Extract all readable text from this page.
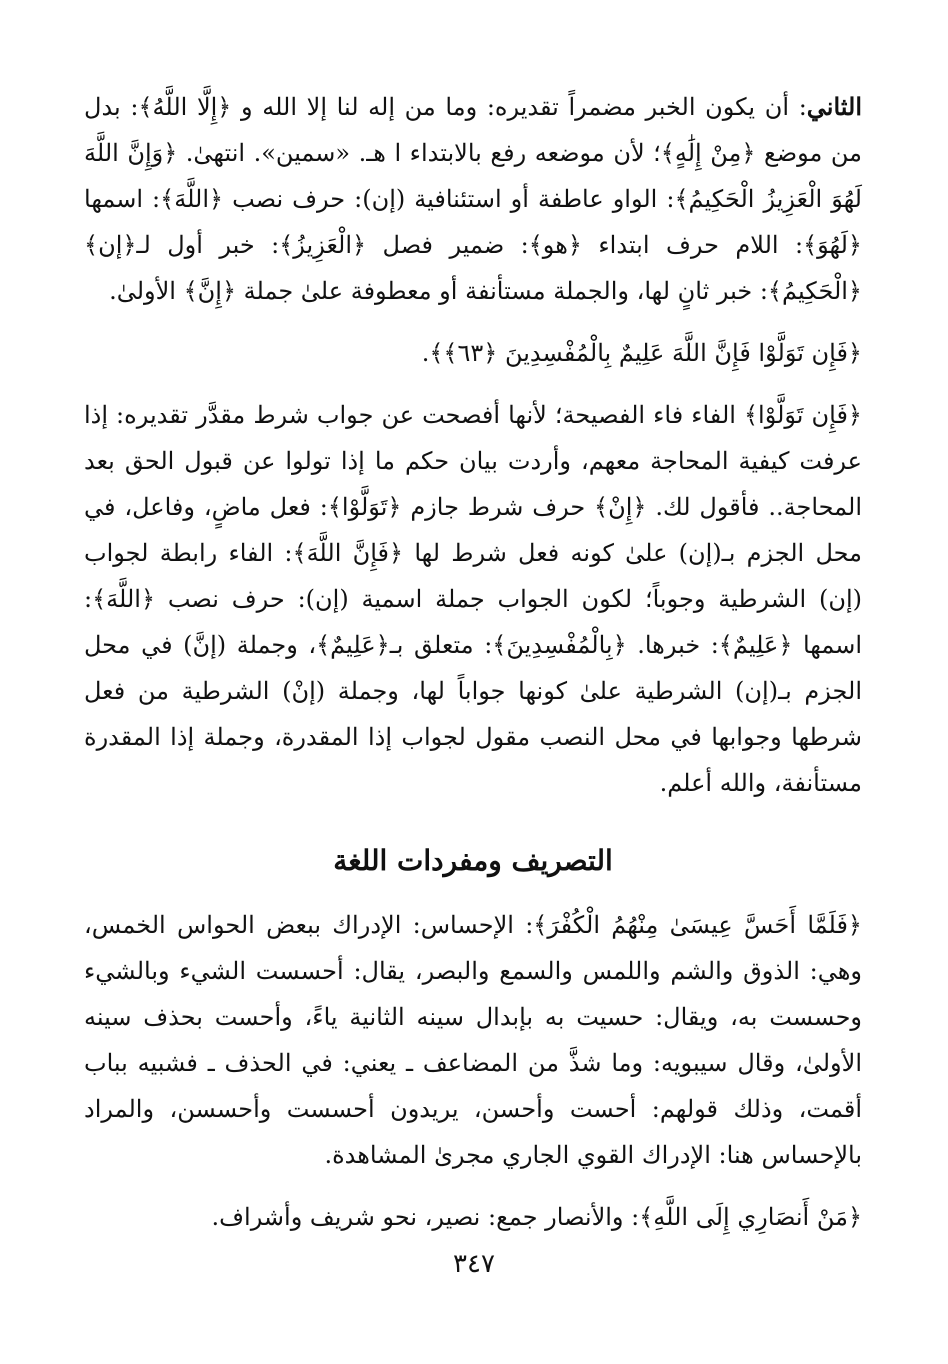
الثاني: أن يكون الخبر مضمراً تقديره: وما من إله لنا إلا الله و ﴿إِلَّا اللَّهُ﴾: بدل من موضع ﴿مِنْ إِلَٰهٍ﴾؛ لأن موضعه رفع بالابتداء ا هـ. «سمين». انتهىٰ. ﴿وَإِنَّ اللَّهَ لَهُوَ الْعَزِيزُ الْحَكِيمُ﴾: الواو عاطفة أو استئنافية (إن): حرف نصب ﴿اللَّهَ﴾: اسمها ﴿لَهُوَ﴾: اللام حرف ابتداء ﴿هو﴾: ضمير فصل ﴿الْعَزِيزُ﴾: خبر أول لـ﴿إن﴾ ﴿الْحَكِيمُ﴾: خبر ثانٍ لها، والجملة مستأنفة أو معطوفة علىٰ جملة ﴿إِنَّ﴾ الأولىٰ.

﴿فَإِن تَوَلَّوْا فَإِنَّ اللَّهَ عَلِيمٌ بِالْمُفْسِدِينَ ﴿٦٣﴾﴾.

﴿فَإِن تَوَلَّوْا﴾ الفاء فاء الفصيحة؛ لأنها أفصحت عن جواب شرط مقدَّر تقديره: إذا عرفت كيفية المحاجة معهم، وأردت بيان حكم ما إذا تولوا عن قبول الحق بعد المحاجة.. فأقول لك. ﴿إِنْ﴾ حرف شرط جازم ﴿تَوَلَّوْا﴾: فعل ماضٍ، وفاعل، في محل الجزم بـ(إن) علىٰ كونه فعل شرط لها ﴿فَإِنَّ اللَّهَ﴾: الفاء رابطة لجواب (إن) الشرطية وجوباً؛ لكون الجواب جملة اسمية (إن): حرف نصب ﴿اللَّهَ﴾: اسمها ﴿عَلِيمٌ﴾: خبرها. ﴿بِالْمُفْسِدِينَ﴾: متعلق بـ﴿عَلِيمٌ﴾، وجملة (إنَّ) في محل الجزم بـ(إن) الشرطية علىٰ كونها جواباً لها، وجملة (إنْ) الشرطية من فعل شرطها وجوابها في محل النصب مقول لجواب إذا المقدرة، وجملة إذا المقدرة مستأنفة، والله أعلم.

التصريف ومفردات اللغة

﴿فَلَمَّا أَحَسَّ عِيسَىٰ مِنْهُمُ الْكُفْرَ﴾: الإحساس: الإدراك ببعض الحواس الخمس، وهي: الذوق والشم واللمس والسمع والبصر، يقال: أحسست الشيء وبالشيء وحسست به، ويقال: حسيت به بإبدال سينه الثانية ياءً، وأحست بحذف سينه الأولىٰ، وقال سيبويه: وما شذَّ من المضاعف ـ يعني: في الحذف ـ فشبيه بباب أقمت، وذلك قولهم: أحست وأحسن، يريدون أحسست وأحسسن، والمراد بالإحساس هنا: الإدراك القوي الجاري مجرىٰ المشاهدة.

﴿مَنْ أَنصَارِي إِلَى اللَّهِ﴾: والأنصار جمع: نصير، نحو شريف وأشراف.

٣٤٧
